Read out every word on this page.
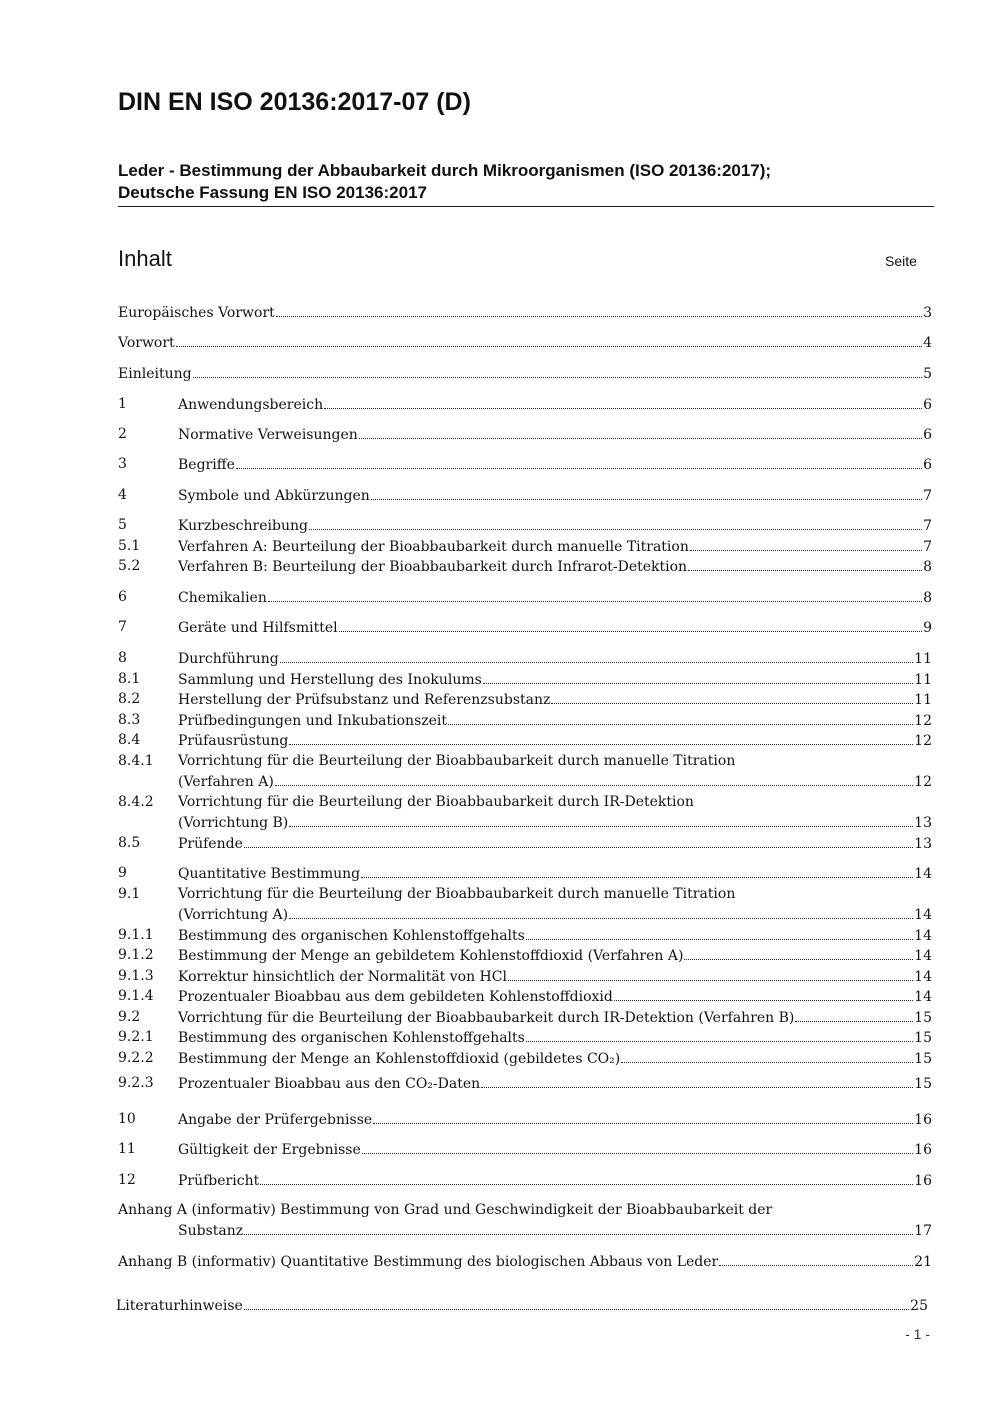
DIN EN ISO 20136:2017-07 (D)
Leder - Bestimmung der Abbaubarkeit durch Mikroorganismen (ISO 20136:2017);
Deutsche Fassung EN ISO 20136:2017
Inhalt	Seite
Europäisches Vorwort	3
Vorwort	4
Einleitung	5
1	Anwendungsbereich	6
2	Normative Verweisungen	6
3	Begriffe	6
4	Symbole und Abkürzungen	7
5	Kurzbeschreibung	7
5.1	Verfahren A: Beurteilung der Bioabbaubarkeit durch manuelle Titration	7
5.2	Verfahren B: Beurteilung der Bioabbaubarkeit durch Infrarot-Detektion	8
6	Chemikalien	8
7	Geräte und Hilfsmittel	9
8	Durchführung	11
8.1	Sammlung und Herstellung des Inokulums	11
8.2	Herstellung der Prüfsubstanz und Referenzsubstanz	11
8.3	Prüfbedingungen und Inkubationszeit	12
8.4	Prüfausrüstung	12
8.4.1 Vorrichtung für die Beurteilung der Bioabbaubarkeit durch manuelle Titration
(Verfahren A)	12
8.4.2 Vorrichtung für die Beurteilung der Bioabbaubarkeit durch IR-Detektion
(Vorrichtung B)	13
8.5	Prüfende	13
9	Quantitative Bestimmung	14
9.1	Vorrichtung für die Beurteilung der Bioabbaubarkeit durch manuelle Titration
(Vorrichtung A)	14
9.1.1 Bestimmung des organischen Kohlenstoffgehalts	14
9.1.2 Bestimmung der Menge an gebildetem Kohlenstoffdioxid (Verfahren A)	14
9.1.3 Korrektur hinsichtlich der Normalität von HCl	14
9.1.4 Prozentualer Bioabbau aus dem gebildeten Kohlenstoffdioxid	14
9.2	Vorrichtung für die Beurteilung der Bioabbaubarkeit durch IR-Detektion (Verfahren B)	15
9.2.1 Bestimmung des organischen Kohlenstoffgehalts	15
9.2.2 Bestimmung der Menge an Kohlenstoffdioxid (gebildetes CO₂)	15
9.2.3 Prozentualer Bioabbau aus den CO₂-Daten	15
10	Angabe der Prüfergebnisse	16
11	Gültigkeit der Ergebnisse	16
12	Prüfbericht	16
Anhang A (informativ) Bestimmung von Grad und Geschwindigkeit der Bioabbaubarkeit der
Substanz	17
Anhang B (informativ) Quantitative Bestimmung des biologischen Abbaus von Leder	21
Literaturhinweise	25
- 1 -
